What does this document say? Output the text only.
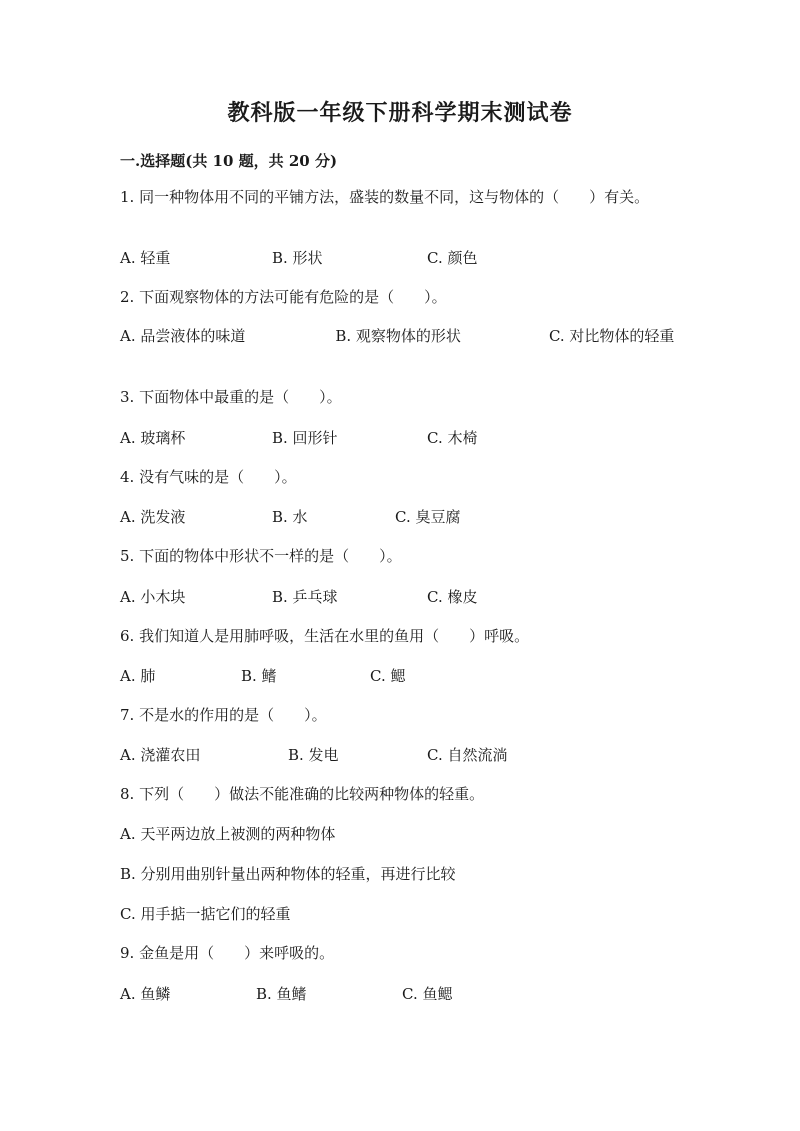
教科版一年级下册科学期末测试卷
一.选择题(共 10 题，共 20 分)
1. 同一种物体用不同的平铺方法，盛装的数量不同，这与物体的（　　）有关。
A. 轻重	B. 形状	C. 颜色
2. 下面观察物体的方法可能有危险的是（　　）。
A. 品尝液体的味道	B. 观察物体的形状	C. 对比物体的轻重
3. 下面物体中最重的是（　　）。
A. 玻璃杯	B. 回形针	C. 木椅
4. 没有气味的是（　　）。
A. 洗发液	B. 水	C. 臭豆腐
5. 下面的物体中形状不一样的是（　　）。
A. 小木块	B. 乒乓球	C. 橡皮
6. 我们知道人是用肺呼吸，生活在水里的鱼用（　　）呼吸。
A. 肺	B. 鳍	C. 鳃
7. 不是水的作用的是（　　）。
A. 浇灌农田	B. 发电	C. 自然流淌
8. 下列（　　）做法不能准确的比较两种物体的轻重。
A. 天平两边放上被测的两种物体
B. 分别用曲别针量出两种物体的轻重，再进行比较
C. 用手掂一掂它们的轻重
9. 金鱼是用（　　）来呼吸的。
A. 鱼鳞	B. 鱼鳍	C. 鱼鳃
